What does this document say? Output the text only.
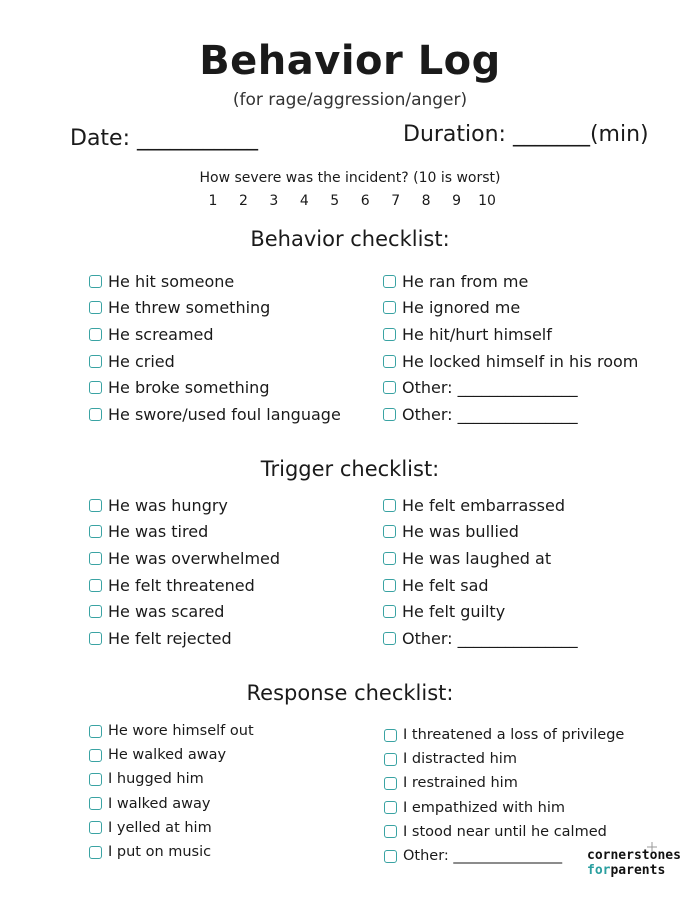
Behavior Log
(for rage/aggression/anger)
Date: ___________	Duration: _______(min)
How severe was the incident? (10 is worst)
1 2 3 4 5 6 7 8 9 10
Behavior checklist:
He hit someone
He threw something
He screamed
He cried
He broke something
He swore/used foul language
He ran from me
He ignored me
He hit/hurt himself
He locked himself in his room
Other: _______________
Other: _______________
Trigger checklist:
He was hungry
He was tired
He was overwhelmed
He felt threatened
He was scared
He felt rejected
He felt embarrassed
He was bullied
He was laughed at
He felt sad
He felt guilty
Other: _______________
Response checklist:
He wore himself out
He walked away
I hugged him
I walked away
I yelled at him
I put on music
I threatened a loss of privilege
I distracted him
I restrained him
I empathized with him
I stood near until he calmed
Other: _______________ cornerstones
forparents
